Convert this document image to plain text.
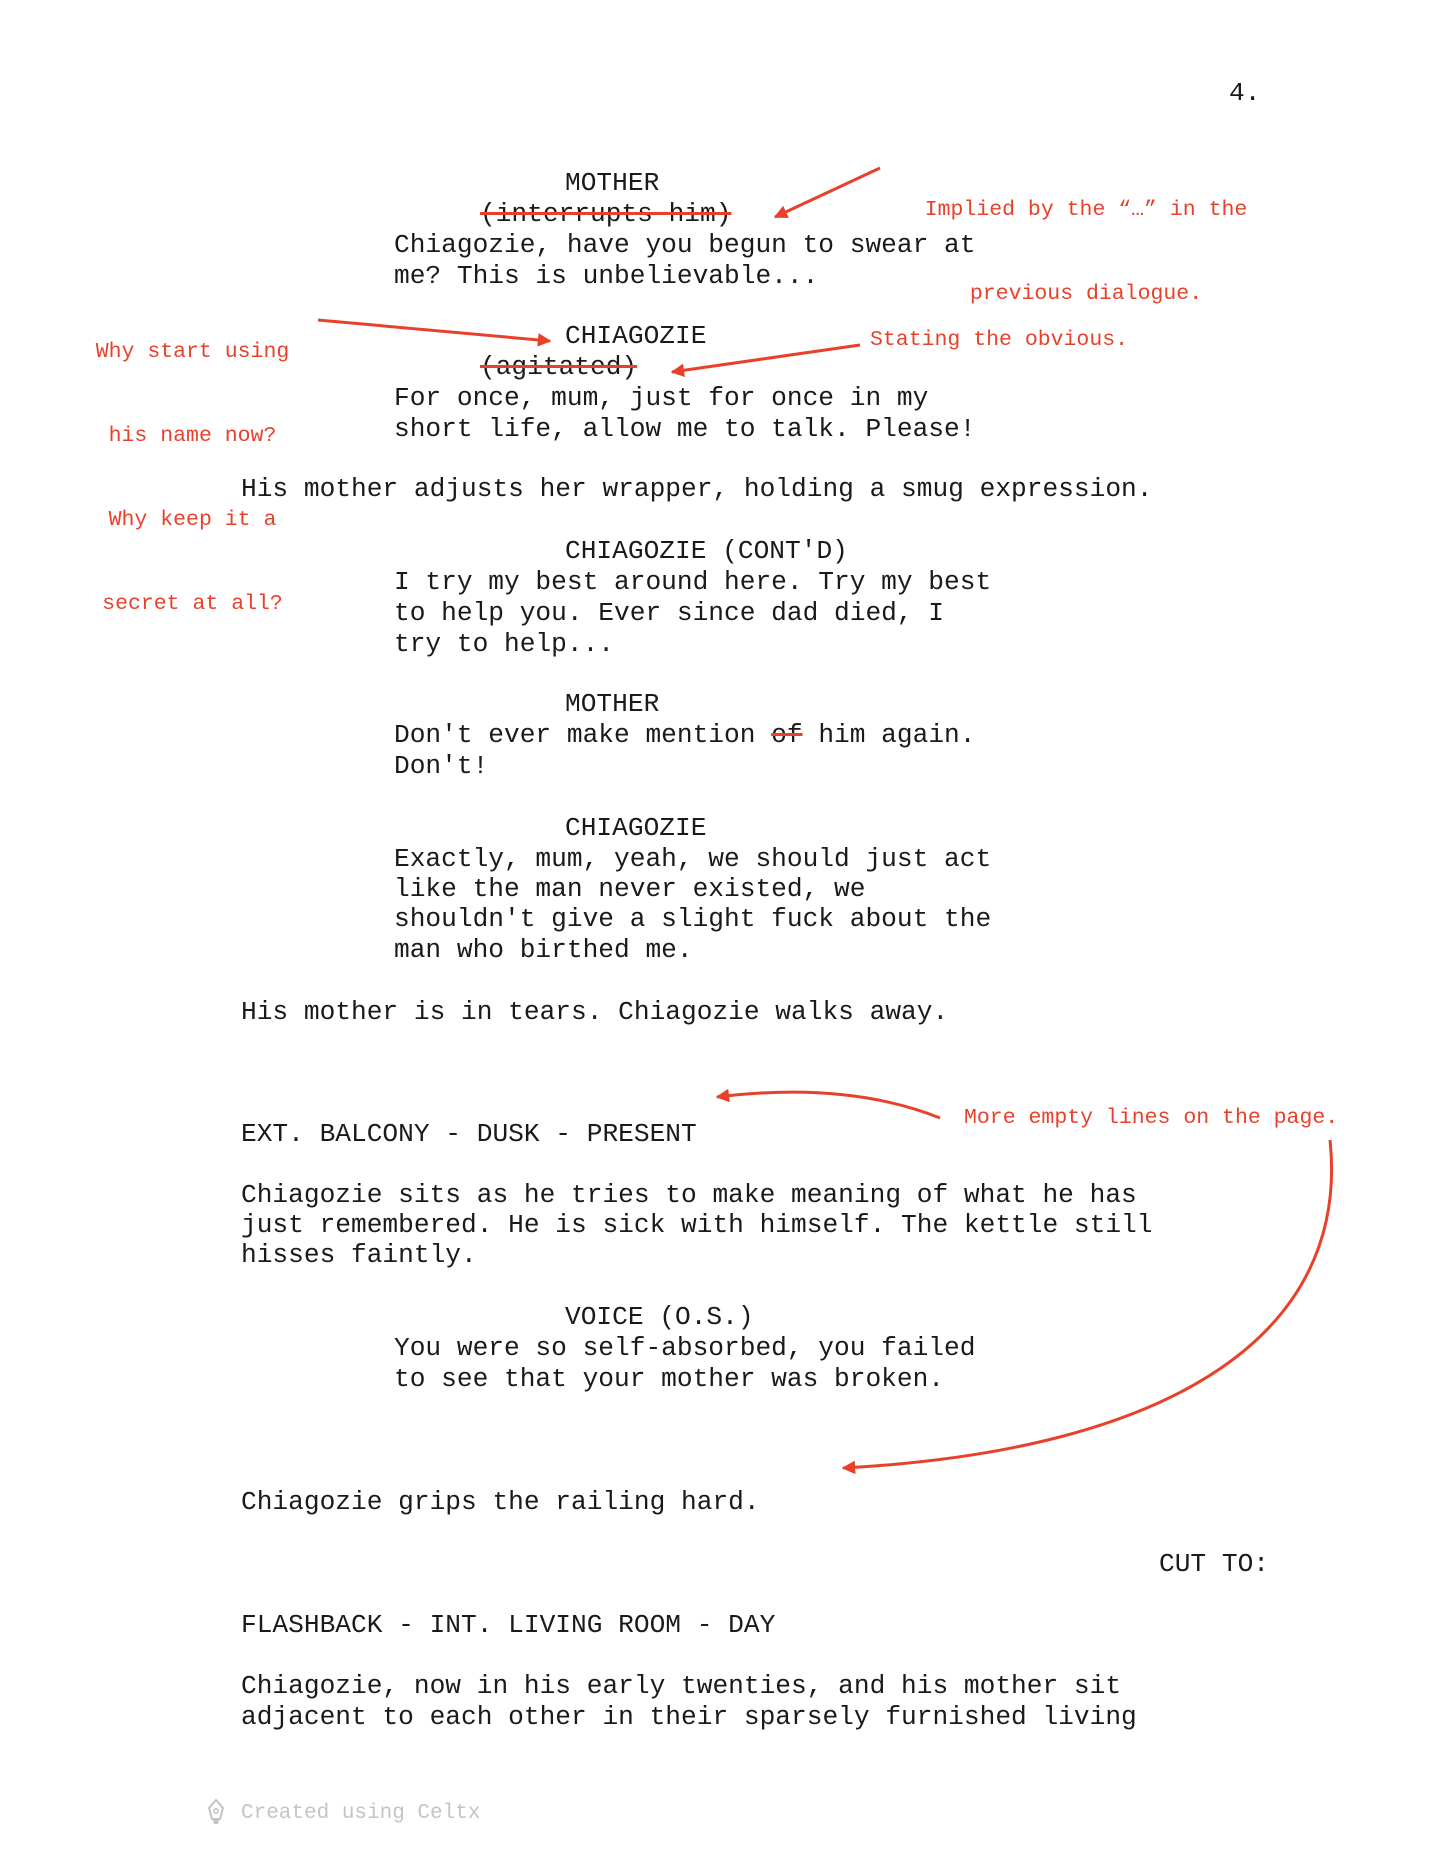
4.
MOTHER
(interrupts him)
Chiagozie, have you begun to swear at
me? This is unbelievable...
CHIAGOZIE
(agitated)
For once, mum, just for once in my
short life, allow me to talk. Please!
His mother adjusts her wrapper, holding a smug expression.
CHIAGOZIE (CONT'D)
I try my best around here. Try my best
to help you. Ever since dad died, I
try to help...
MOTHER
Don't ever make mention of him again.
Don't!
CHIAGOZIE
Exactly, mum, yeah, we should just act
like the man never existed, we
shouldn't give a slight fuck about the
man who birthed me.
His mother is in tears. Chiagozie walks away.
EXT. BALCONY - DUSK - PRESENT
Chiagozie sits as he tries to make meaning of what he has
just remembered. He is sick with himself. The kettle still
hisses faintly.
VOICE (O.S.)
You were so self-absorbed, you failed
to see that your mother was broken.
Chiagozie grips the railing hard.
CUT TO:
FLASHBACK - INT. LIVING ROOM - DAY
Chiagozie, now in his early twenties, and his mother sit
adjacent to each other in their sparsely furnished living

Implied by the “…” in the

previous dialogue.

Why start using

his name now?

Why keep it a

secret at all?

Stating the obvious.
More empty lines on the page.
Created using Celtx
